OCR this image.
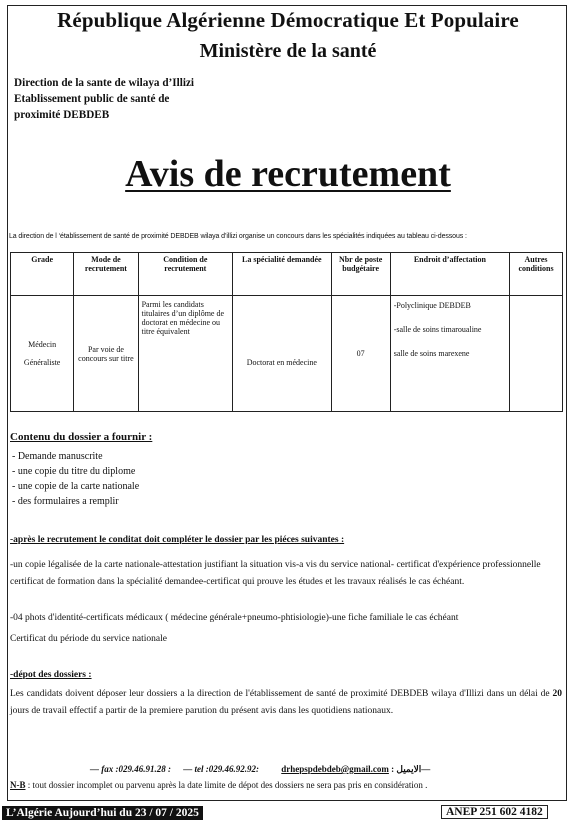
République Algérienne Démocratique Et Populaire
Ministère de la santé
Direction de la sante de wilaya d’Illizi
Etablissement public de santé de
proximité DEBDEB
Avis de recrutement
La direction de l ‘établissement de santé de proximité DEBDEB wilaya d’illizi organise un concours dans les spécialités indiquées au tableau ci-dessous :
Grade	Mode de recrutement	Condition de recrutement	La spécialité demandée	Nbr de poste budgétaire	Endroit d’affectation	Autres conditions
Médecin Généraliste	Par voie de concours sur titre	Parmi les candidats titulaires d’un diplôme de doctorat en médecine ou titre équivalent	Doctorat en médecine	07	-Polyclinique DEBDEB
-salle de soins timaroualine
salle de soins marexene	

Contenu du dossier a fournir :
- Demande manuscrite
- une copie du titre du diplome
- une copie de la carte nationale
- des formulaires a remplir
-après le recrutement le conditat doit compléter le dossier par les piéces suivantes :
-un copie légalisée de la carte nationale-attestation justifiant la situation vis-a vis du service national- certificat d'expérience professionnelle certificat de formation dans la spécialité demandee-certificat qui prouve les études et les travaux réalisés le cas échéant.
-04 phots d'identité-certificats médicaux ( médecine générale+pneumo-phtisiologie)-une fiche familiale le cas échéant
Certificat du période du service nationale
-dépot des dossiers :
Les candidats doivent déposer leur dossiers a la direction de l'établissement de santé de proximité DEBDEB wilaya d'Illizi dans un délai de 20 jours de travail effectif a partir de la premiere parution du présent avis dans les quotidiens nationaux.
— fax :029.46.91.28 : — tel :029.46.92.92: drhepspdebdeb@gmail.com : الايميل—
N-B : tout dossier incomplet ou parvenu après la date limite de dépot des dossiers ne sera pas pris en considération .
L’Algérie Aujourd’hui du 23 / 07 / 2025	ANEP 251 602 4182
